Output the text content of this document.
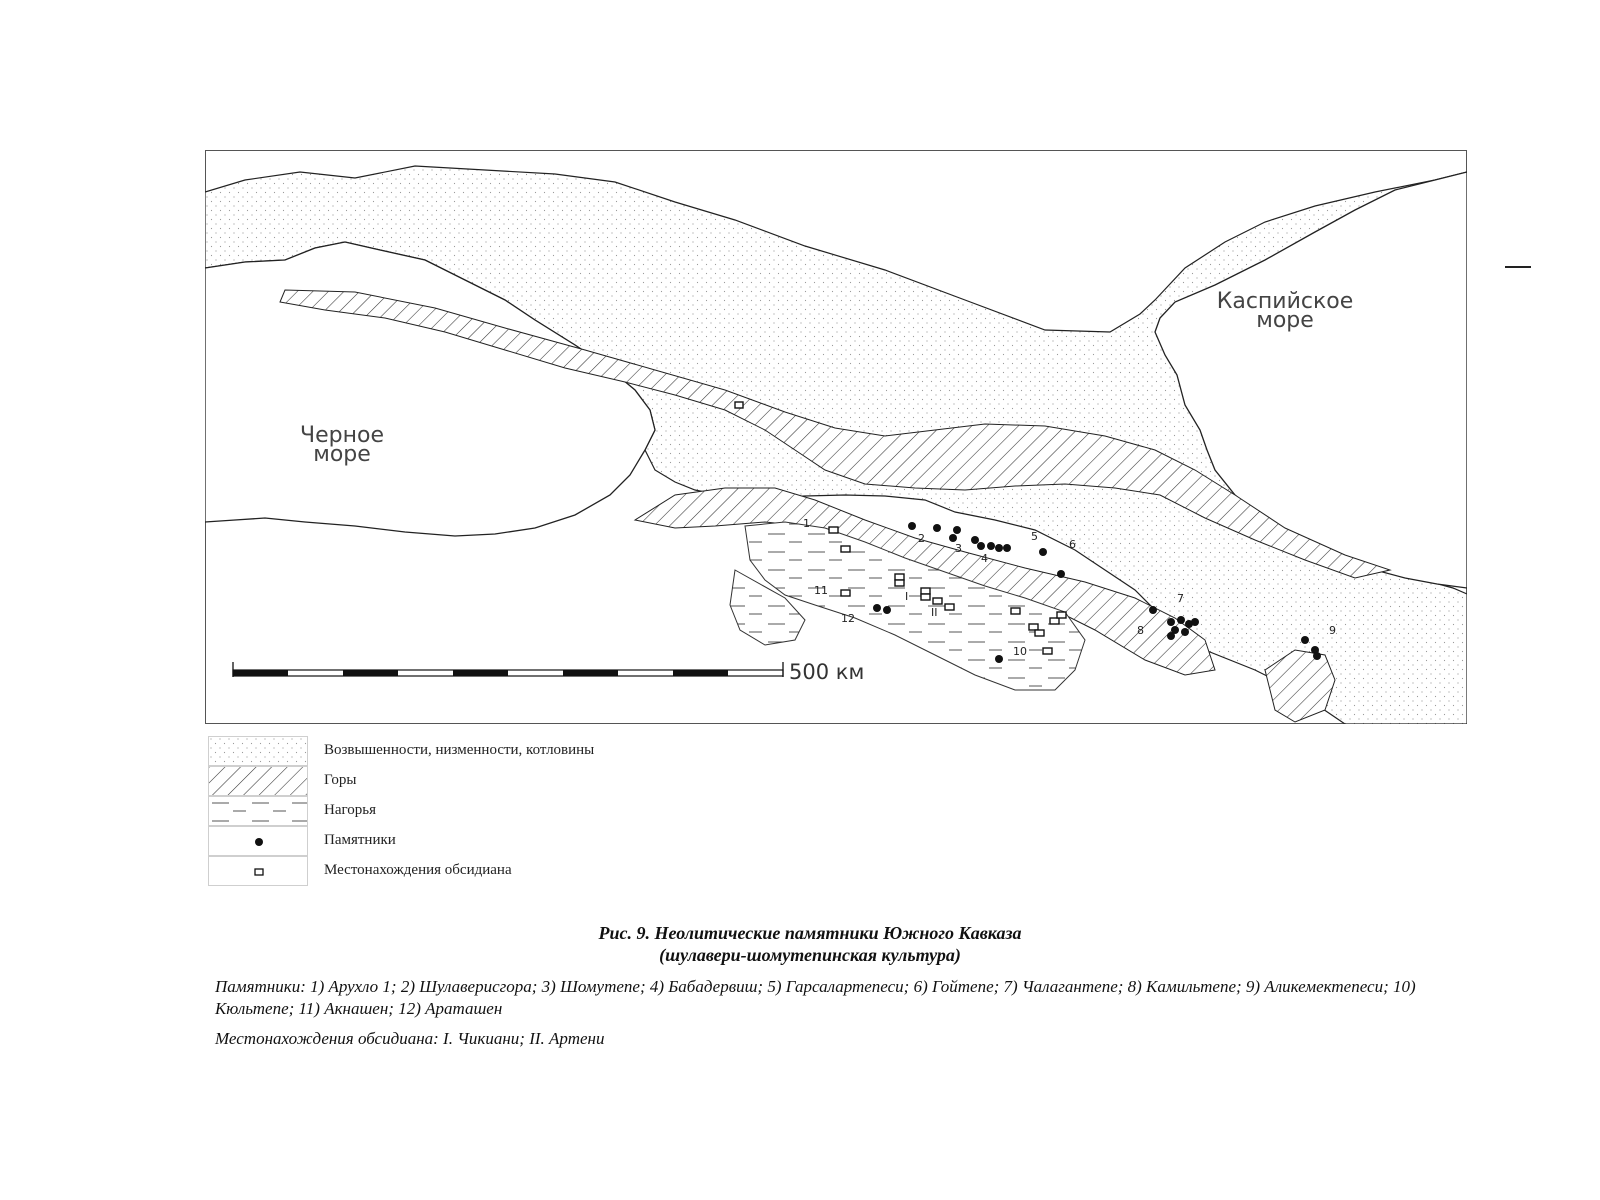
500 км
Каспийское
море
Черное
море
1
2
3
4
5
6
7
8	9
10
11
12
I
II
Возвышенности, низменности, котловины
Горы
Нагорья
Памятники
Местонахождения обсидиана
Рис. 9. Неолитические памятники Южного Кавказа
(шулавери-шомутепинская культура)
Памятники: 1) Арухло 1; 2) Шулаверисгора; 3) Шомутепе; 4) Бабадервиш; 5) Гарсалартепеси; 6) Гойтепе; 7) Чалагантепе; 8) Камильтепе; 9) Аликемектепеси; 10) Кюльтепе; 11) Акнашен; 12) Араташен
Местонахождения обсидиана: I. Чикиани; II. Артени
